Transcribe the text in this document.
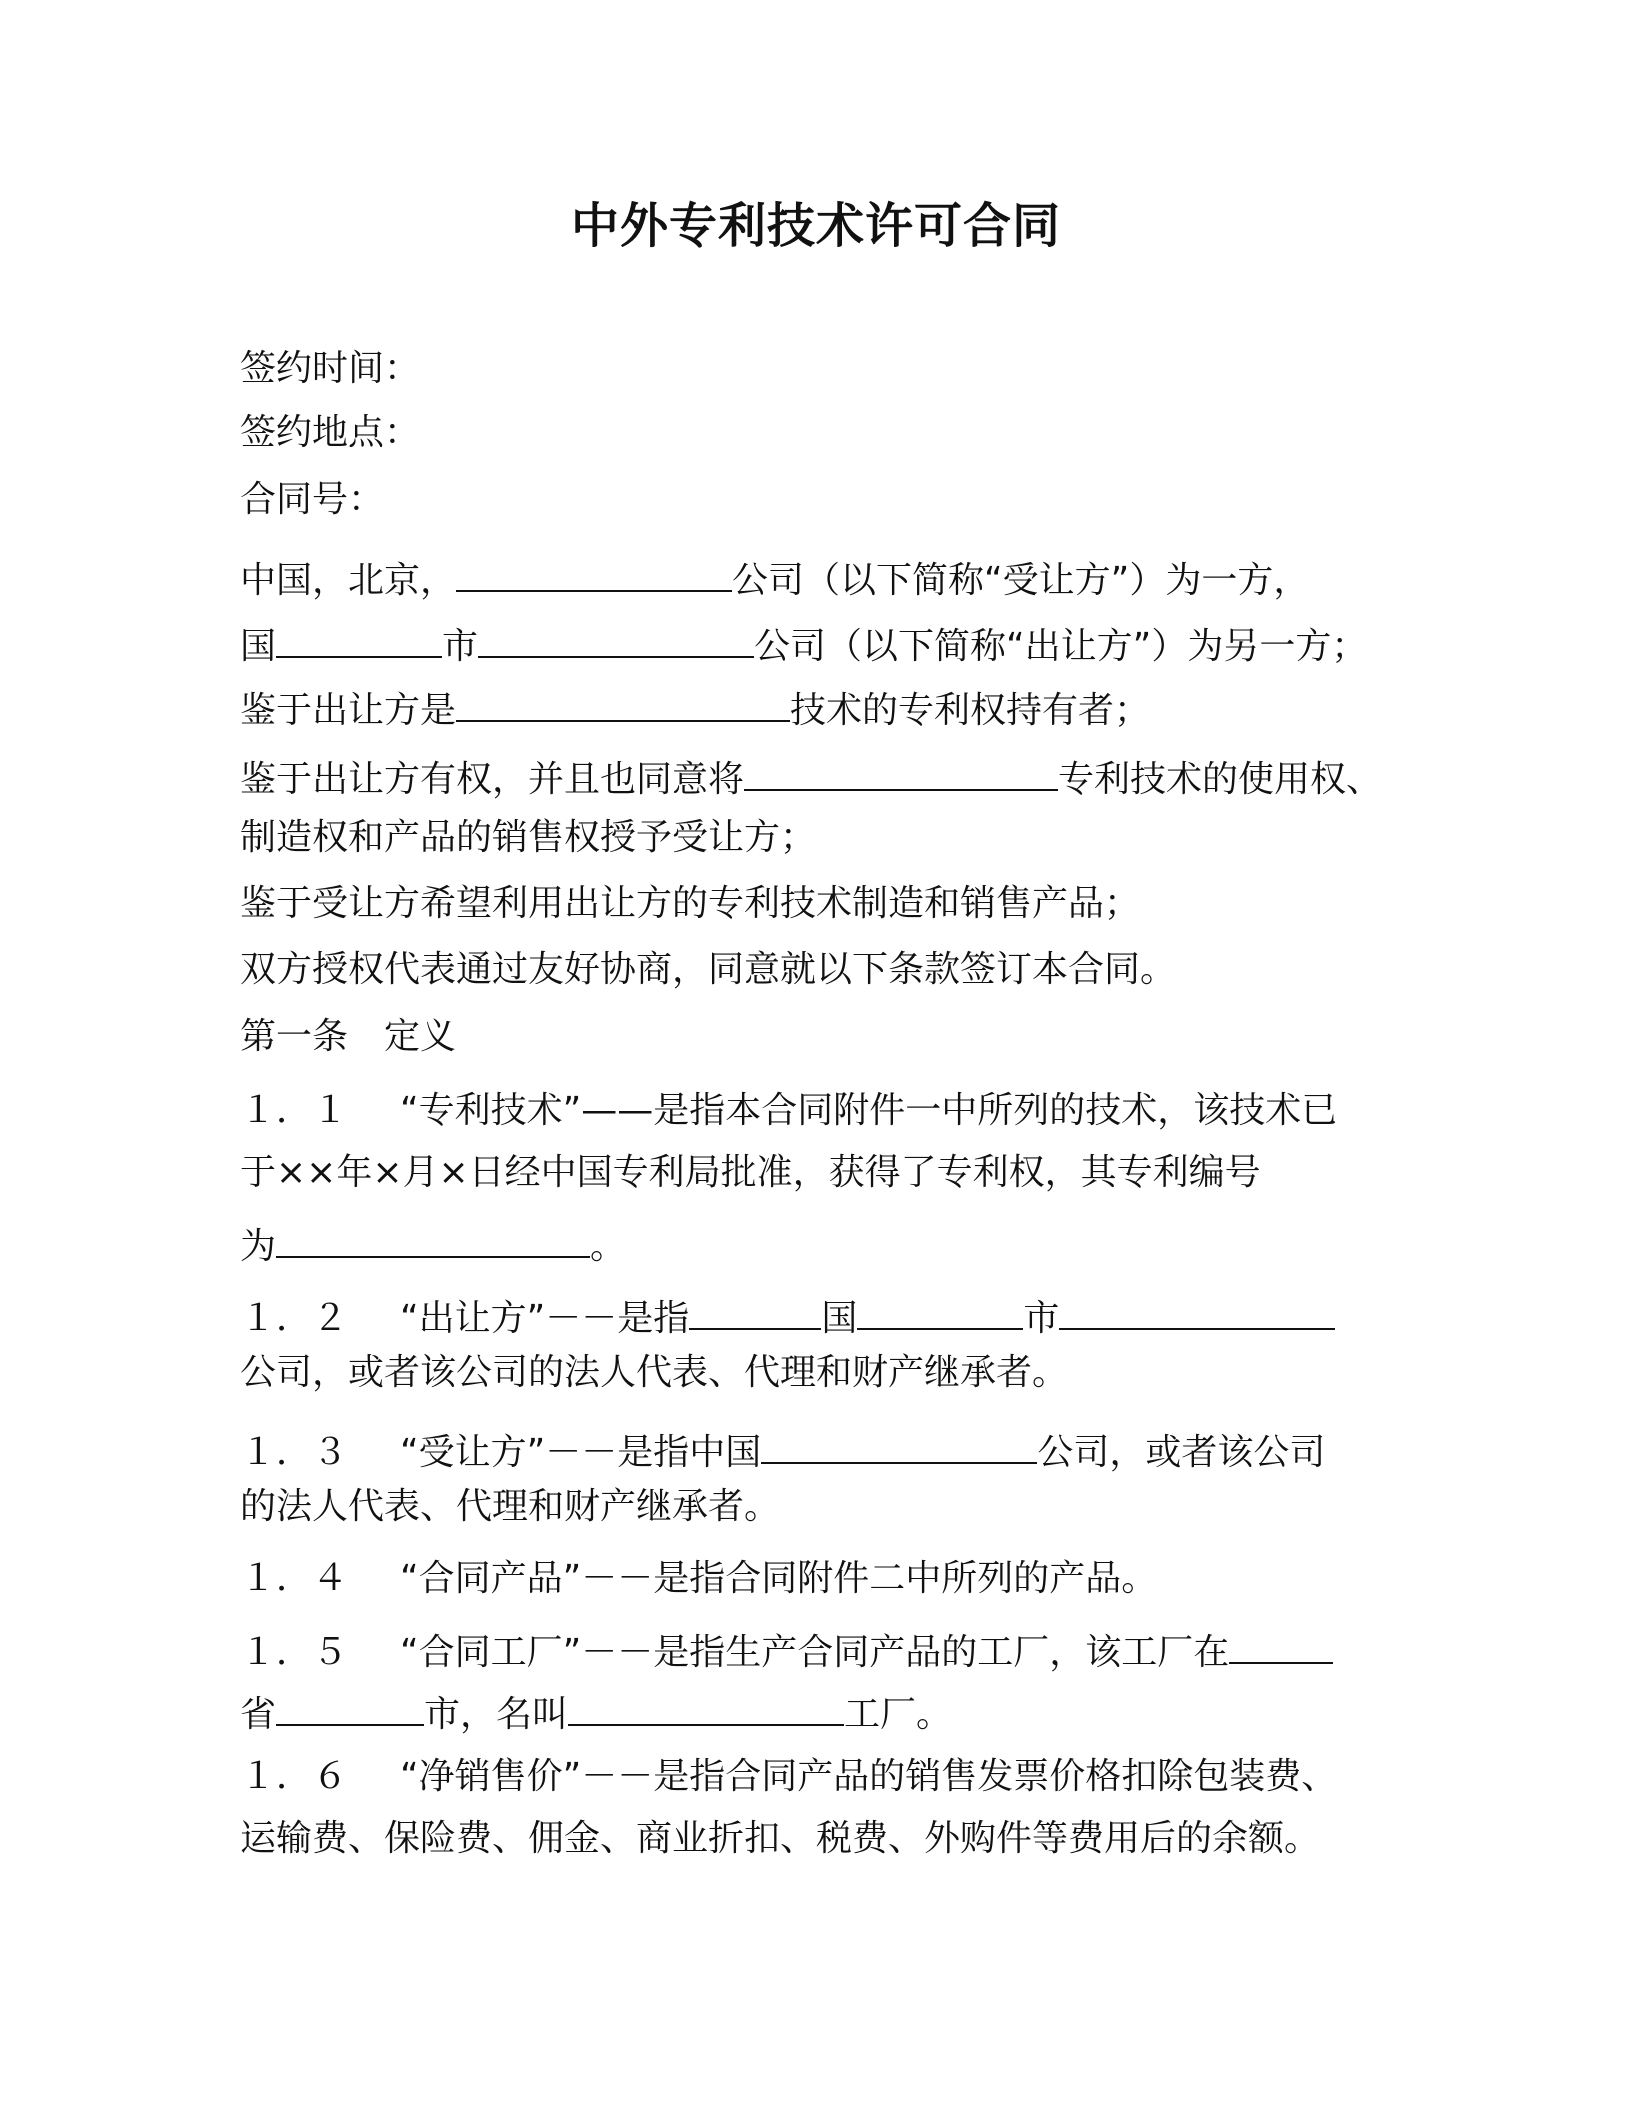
中外专利技术许可合同
签约时间：
签约地点：
合同号：
中国，北京，	公司（以下简称“受让方”）为一方，
国	市	公司（以下简称“出让方”）为另一方；
鉴于出让方是	技术的专利权持有者；
鉴于出让方有权，并且也同意将	专利技术的使用权、
制造权和产品的销售权授予受让方；
鉴于受让方希望利用出让方的专利技术制造和销售产品；
双方授权代表通过友好协商，同意就以下条款签订本合同。
第一条　定义
１．１ “专利技术”——是指本合同附件一中所列的技术，该技术已
于××年×月×日经中国专利局批准，获得了专利权，其专利编号
为	。
１．２ “出让方”－－是指	国	市
公司，或者该公司的法人代表、代理和财产继承者。
１．３ “受让方”－－是指中国	公司，或者该公司
的法人代表、代理和财产继承者。
１．４ “合同产品”－－是指合同附件二中所列的产品。
１．５ “合同工厂”－－是指生产合同产品的工厂，该工厂在
省	市，名叫	工厂。
１．６ “净销售价”－－是指合同产品的销售发票价格扣除包装费、
运输费、保险费、佣金、商业折扣、税费、外购件等费用后的余额。
